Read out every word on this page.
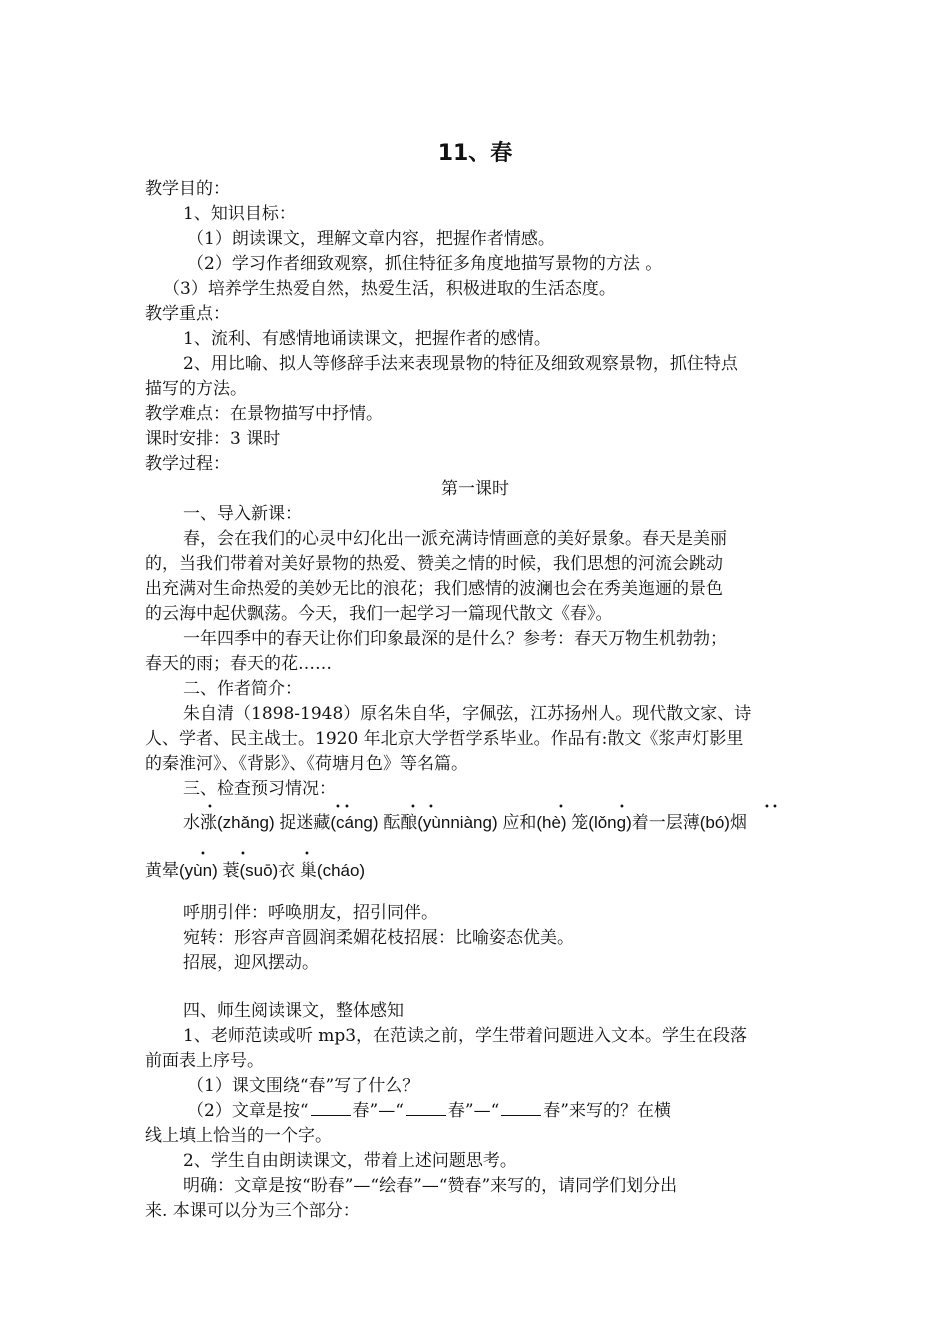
11、春
教学目的：
1、知识目标：
（1）朗读课文，理解文章内容，把握作者情感。
（2）学习作者细致观察，抓住特征多角度地描写景物的方法 。
（3）培养学生热爱自然，热爱生活，积极进取的生活态度。
教学重点：
1、流利、有感情地诵读课文，把握作者的感情。
2、用比喻、拟人等修辞手法来表现景物的特征及细致观察景物，抓住特点
描写的方法。
教学难点：在景物描写中抒情。
课时安排：3 课时
教学过程：
第一课时
一、导入新课：
春，会在我们的心灵中幻化出一派充满诗情画意的美好景象。春天是美丽
的，当我们带着对美好景物的热爱、赞美之情的时候，我们思想的河流会跳动
出充满对生命热爱的美妙无比的浪花；我们感情的波澜也会在秀美迤逦的景色
的云海中起伏飘荡。今天，我们一起学习一篇现代散文《春》。
一年四季中的春天让你们印象最深的是什么？参考：春天万物生机勃勃；
春天的雨；春天的花……
二、作者简介：
朱自清（1898-1948）原名朱自华，字佩弦，江苏扬州人。现代散文家、诗
人、学者、民主战士。1920 年北京大学哲学系毕业。作品有:散文《浆声灯影里
的秦淮河》、《背影》、《荷塘月色》等名篇。
三、检查预习情况：
•	• •	• •	•	•	• •
水涨(zhǎng) 捉迷藏(cáng) 酝酿(yùnniàng) 应和(hè) 笼(lǒng)着一层薄(bó)烟
•	•	•
黄晕(yùn) 蓑(suō)衣 巢(cháo)
呼朋引伴：呼唤朋友，招引同伴。
宛转：形容声音圆润柔媚花枝招展：比喻姿态优美。
招展，迎风摆动。
四、师生阅读课文，整体感知
1、老师范读或听 mp3，在范读之前，学生带着问题进入文本。学生在段落
前面表上序号。
（1）课文围绕“春”写了什么？
（2）文章是按“	春”—“	春”—“	春”来写的？在横
线上填上恰当的一个字。
2、学生自由朗读课文，带着上述问题思考。
明确：文章是按“盼春”—“绘春”—“赞春”来写的，请同学们划分出
来. 本课可以分为三个部分：
